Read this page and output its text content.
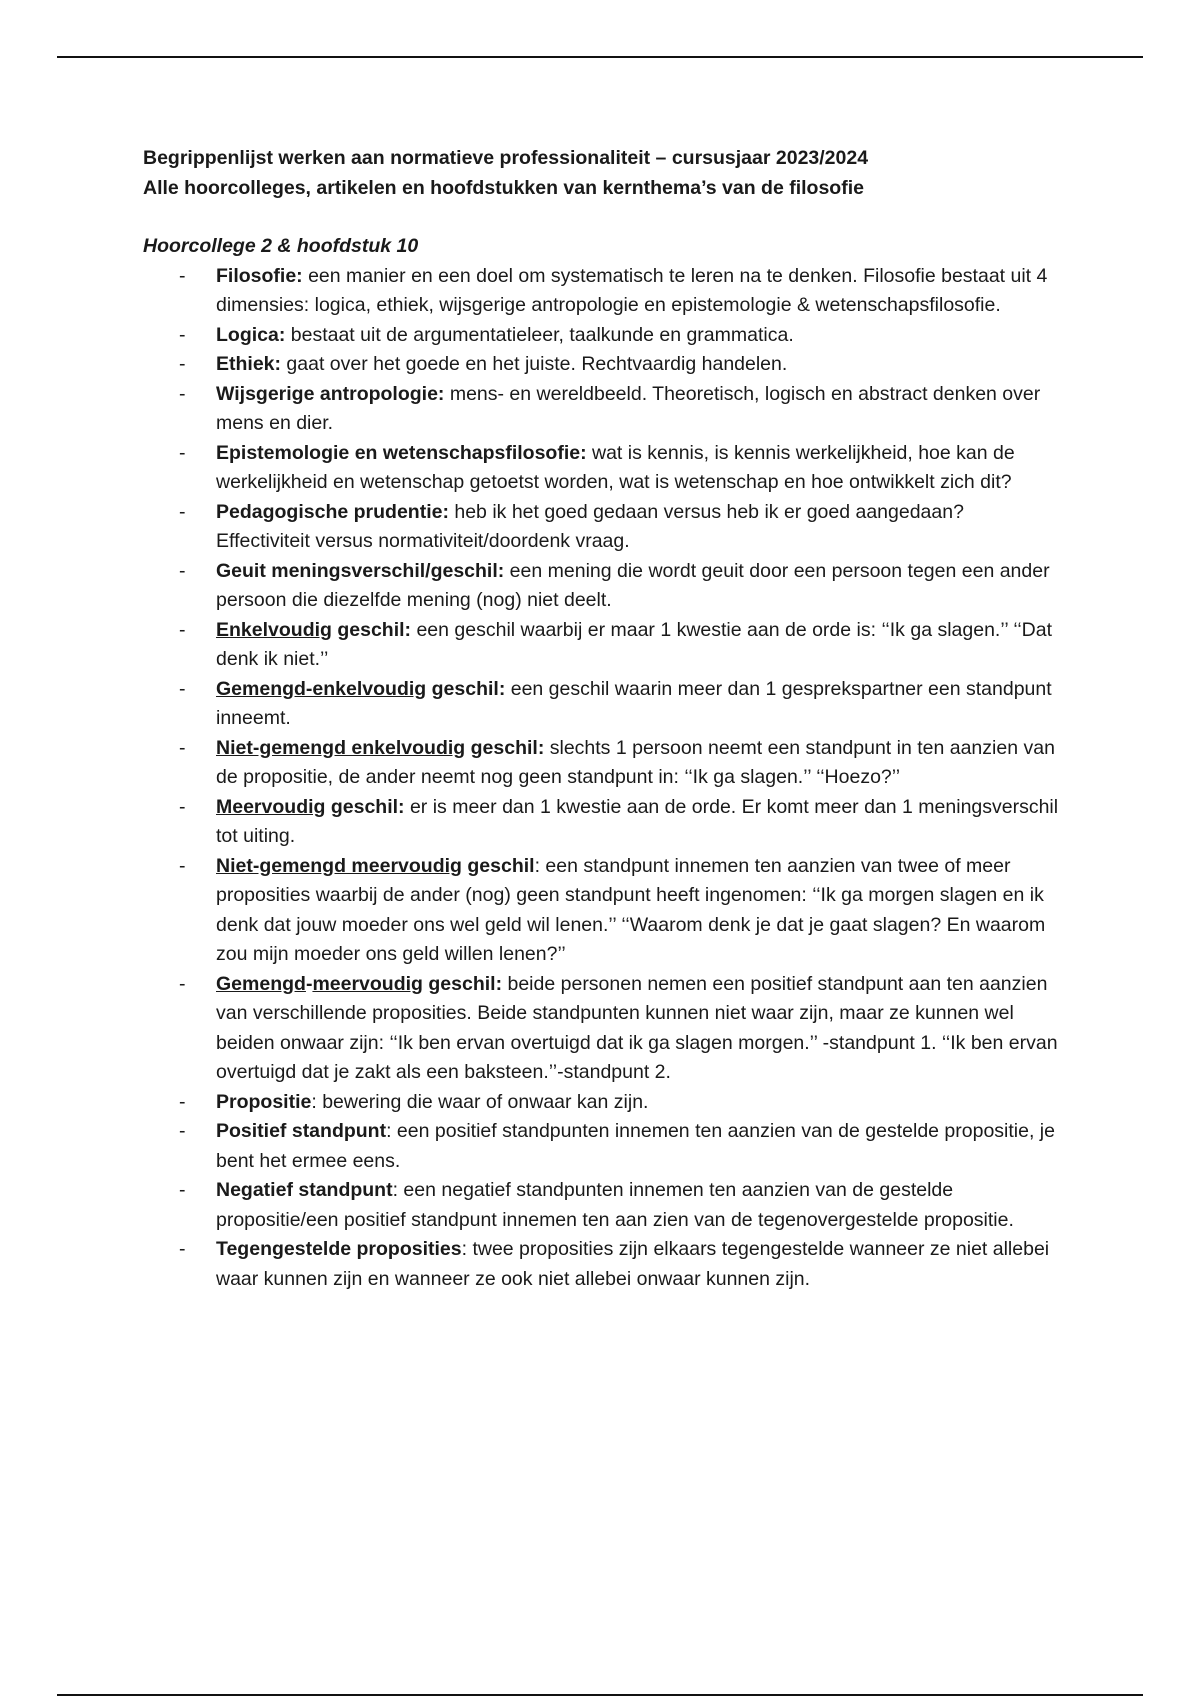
Begrippenlijst werken aan normatieve professionaliteit – cursusjaar 2023/2024
Alle hoorcolleges, artikelen en hoofdstukken van kernthema’s van de filosofie

Hoorcollege 2 & hoofdstuk 10

- Filosofie: een manier en een doel om systematisch te leren na te denken. Filosofie bestaat uit 4 dimensies: logica, ethiek, wijsgerige antropologie en epistemologie & wetenschapsfilosofie.
- Logica: bestaat uit de argumentatieleer, taalkunde en grammatica.
- Ethiek: gaat over het goede en het juiste. Rechtvaardig handelen.
- Wijsgerige antropologie: mens- en wereldbeeld. Theoretisch, logisch en abstract denken over mens en dier.
- Epistemologie en wetenschapsfilosofie: wat is kennis, is kennis werkelijkheid, hoe kan de werkelijkheid en wetenschap getoetst worden, wat is wetenschap en hoe ontwikkelt zich dit?
- Pedagogische prudentie: heb ik het goed gedaan versus heb ik er goed aangedaan? Effectiviteit versus normativiteit/doordenk vraag.
- Geuit meningsverschil/geschil: een mening die wordt geuit door een persoon tegen een ander persoon die diezelfde mening (nog) niet deelt.
- Enkelvoudig geschil: een geschil waarbij er maar 1 kwestie aan de orde is: ‘‘Ik ga slagen.’’ ‘‘Dat denk ik niet.’’
- Gemengd-enkelvoudig geschil: een geschil waarin meer dan 1 gesprekspartner een standpunt inneemt.
- Niet-gemengd enkelvoudig geschil: slechts 1 persoon neemt een standpunt in ten aanzien van de propositie, de ander neemt nog geen standpunt in: ‘‘Ik ga slagen.’’ ‘‘Hoezo?’’
- Meervoudig geschil: er is meer dan 1 kwestie aan de orde. Er komt meer dan 1 meningsverschil tot uiting.
- Niet-gemengd meervoudig geschil: een standpunt innemen ten aanzien van twee of meer proposities waarbij de ander (nog) geen standpunt heeft ingenomen: ‘‘Ik ga morgen slagen en ik denk dat jouw moeder ons wel geld wil lenen.’’ ‘‘Waarom denk je dat je gaat slagen? En waarom zou mijn moeder ons geld willen lenen?’’
- Gemengd-meervoudig geschil: beide personen nemen een positief standpunt aan ten aanzien van verschillende proposities. Beide standpunten kunnen niet waar zijn, maar ze kunnen wel beiden onwaar zijn: ‘‘Ik ben ervan overtuigd dat ik ga slagen morgen.’’ -standpunt 1. ‘‘Ik ben ervan overtuigd dat je zakt als een baksteen.’’-standpunt 2.
- Propositie: bewering die waar of onwaar kan zijn.
- Positief standpunt: een positief standpunten innemen ten aanzien van de gestelde propositie, je bent het ermee eens.
- Negatief standpunt: een negatief standpunten innemen ten aanzien van de gestelde propositie/een positief standpunt innemen ten aan zien van de tegenovergestelde propositie.
- Tegengestelde proposities: twee proposities zijn elkaars tegengestelde wanneer ze niet allebei waar kunnen zijn en wanneer ze ook niet allebei onwaar kunnen zijn.
